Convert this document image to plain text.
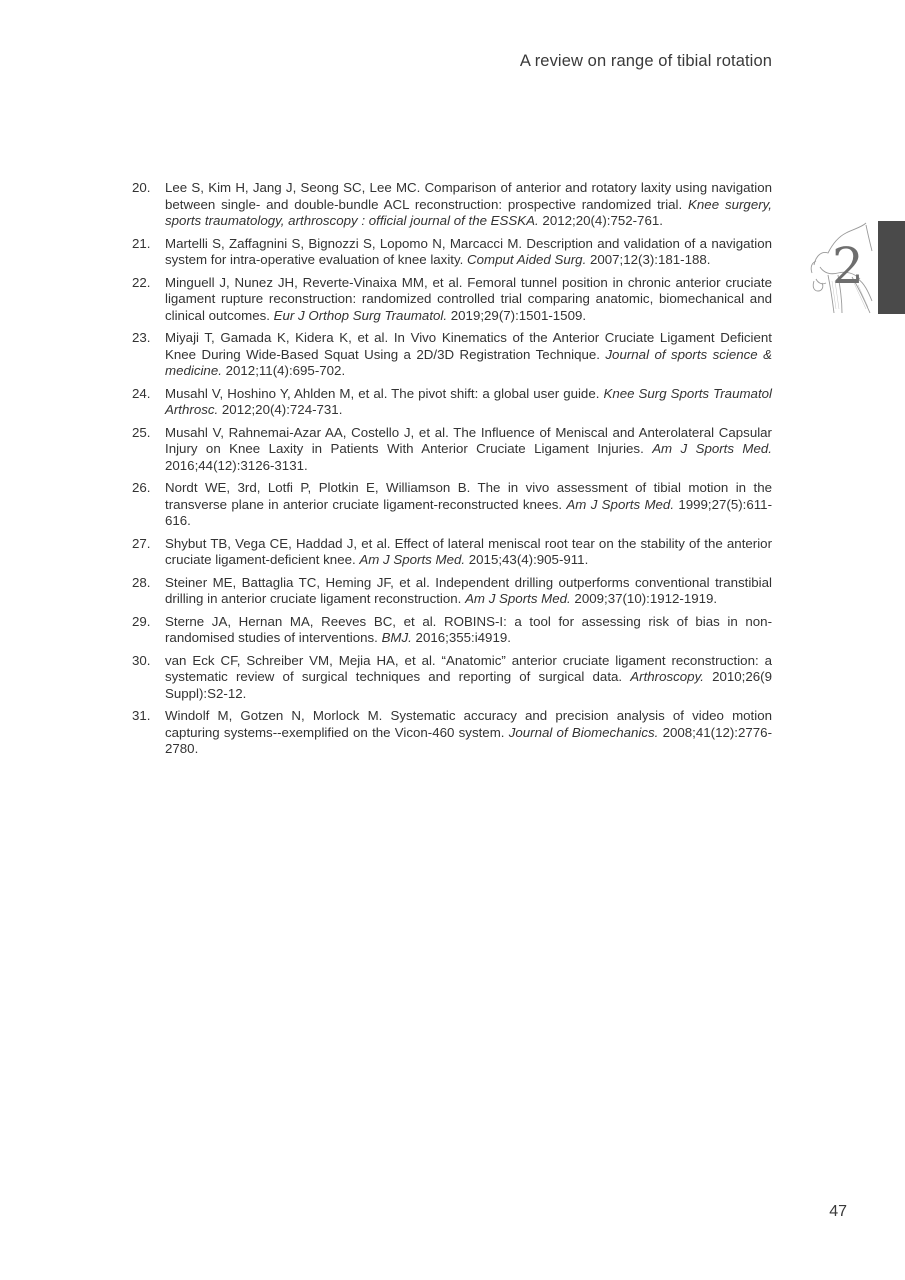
A review on range of tibial rotation
2
20.	Lee S, Kim H, Jang J, Seong SC, Lee MC. Comparison of anterior and rotatory laxity using navigation between single- and double-bundle ACL reconstruction: prospective randomized trial. Knee surgery, sports traumatology, arthroscopy : official journal of the ESSKA. 2012;20(4):752-761.
21.	Martelli S, Zaffagnini S, Bignozzi S, Lopomo N, Marcacci M. Description and validation of a navigation system for intra-operative evaluation of knee laxity. Comput Aided Surg. 2007;12(3):181-188.
22.	Minguell J, Nunez JH, Reverte-Vinaixa MM, et al. Femoral tunnel position in chronic anterior cruciate ligament rupture reconstruction: randomized controlled trial comparing anatomic, biomechanical and clinical outcomes. Eur J Orthop Surg Traumatol. 2019;29(7):1501-1509.
23.	Miyaji T, Gamada K, Kidera K, et al. In Vivo Kinematics of the Anterior Cruciate Ligament Deficient Knee During Wide-Based Squat Using a 2D/3D Registration Technique. Journal of sports science & medicine. 2012;11(4):695-702.
24.	Musahl V, Hoshino Y, Ahlden M, et al. The pivot shift: a global user guide. Knee Surg Sports Traumatol Arthrosc. 2012;20(4):724-731.
25.	Musahl V, Rahnemai-Azar AA, Costello J, et al. The Influence of Meniscal and Anterolateral Capsular Injury on Knee Laxity in Patients With Anterior Cruciate Ligament Injuries. Am J Sports Med. 2016;44(12):3126-3131.
26.	Nordt WE, 3rd, Lotfi P, Plotkin E, Williamson B. The in vivo assessment of tibial motion in the transverse plane in anterior cruciate ligament-reconstructed knees. Am J Sports Med. 1999;27(5):611-616.
27.	Shybut TB, Vega CE, Haddad J, et al. Effect of lateral meniscal root tear on the stability of the anterior cruciate ligament-deficient knee. Am J Sports Med. 2015;43(4):905-911.
28.	Steiner ME, Battaglia TC, Heming JF, et al. Independent drilling outperforms conventional transtibial drilling in anterior cruciate ligament reconstruction. Am J Sports Med. 2009;37(10):1912-1919.
29.	Sterne JA, Hernan MA, Reeves BC, et al. ROBINS-I: a tool for assessing risk of bias in non-randomised studies of interventions. BMJ. 2016;355:i4919.
30.	van Eck CF, Schreiber VM, Mejia HA, et al. “Anatomic” anterior cruciate ligament reconstruction: a systematic review of surgical techniques and reporting of surgical data. Arthroscopy. 2010;26(9 Suppl):S2-12.
31.	Windolf M, Gotzen N, Morlock M. Systematic accuracy and precision analysis of video motion capturing systems--exemplified on the Vicon-460 system. Journal of Biomechanics. 2008;41(12):2776-2780.
47
